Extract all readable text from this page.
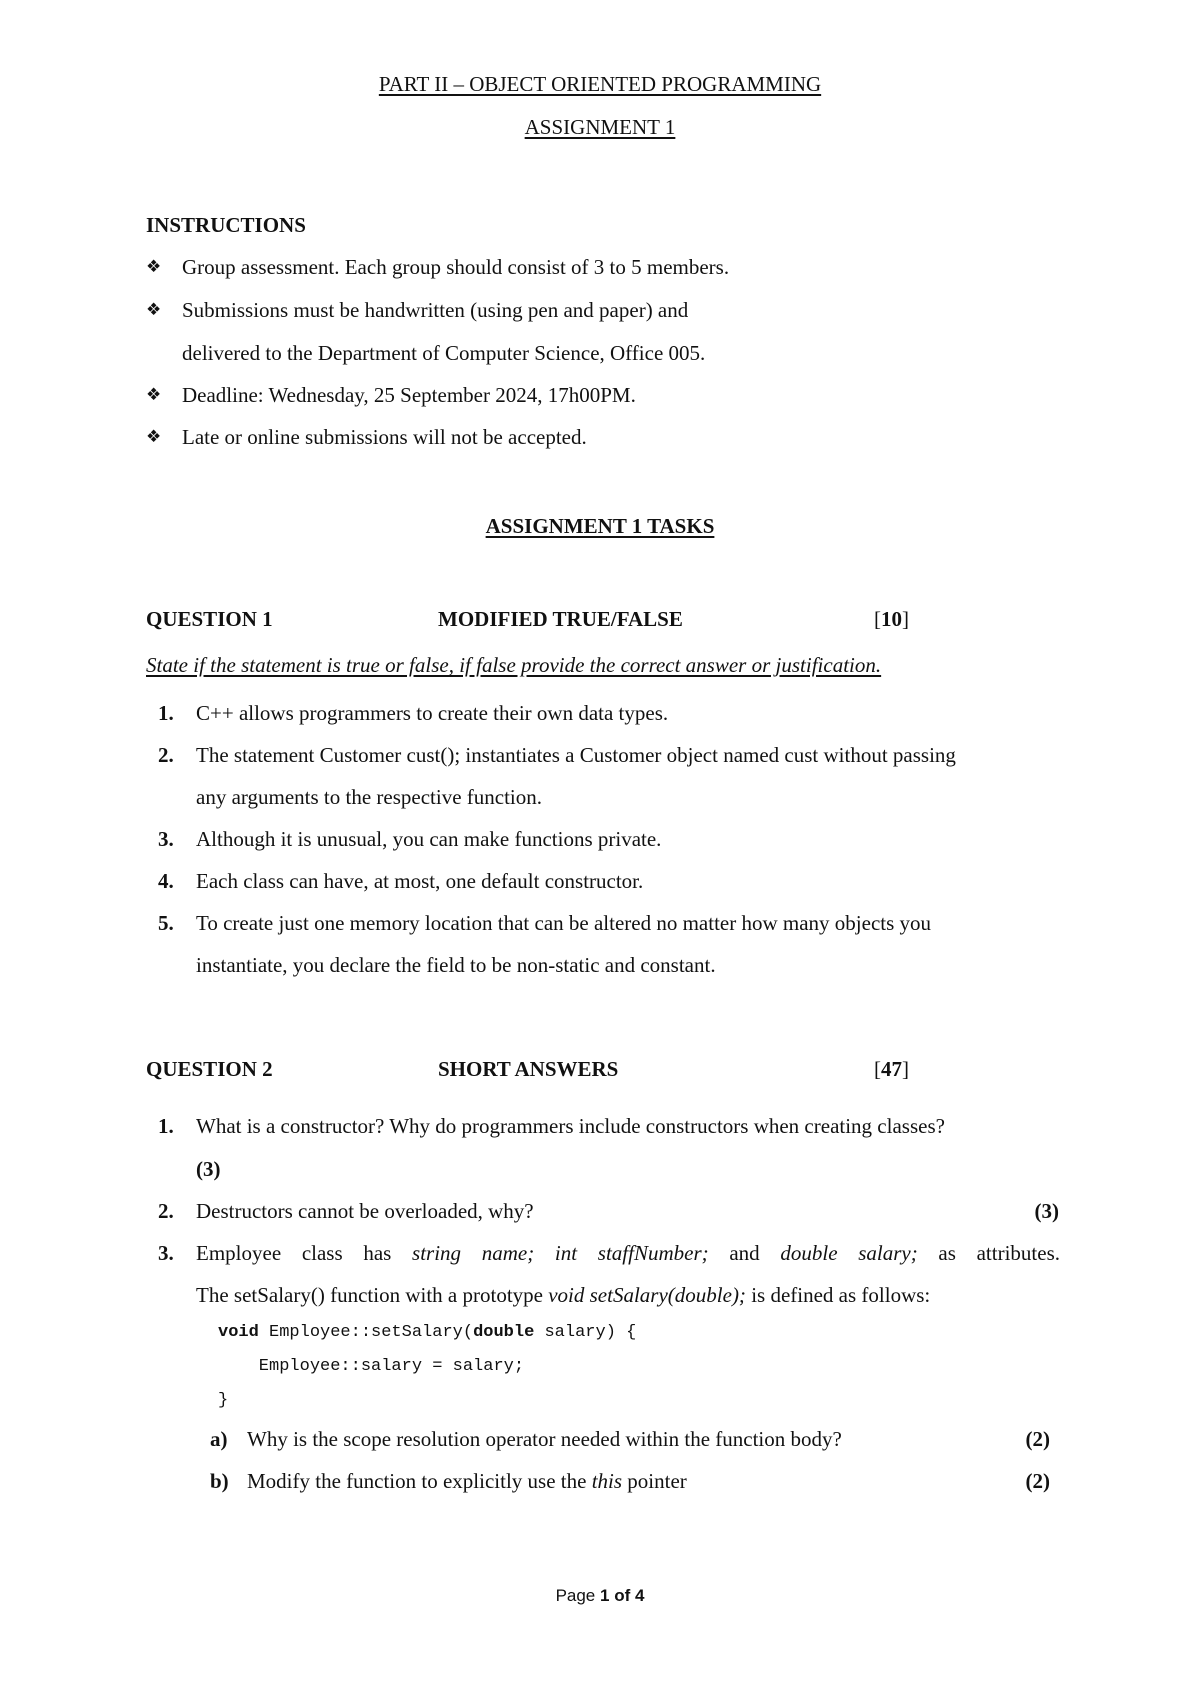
PART II – OBJECT ORIENTED PROGRAMMING
ASSIGNMENT 1
INSTRUCTIONS
❖ Group assessment. Each group should consist of 3 to 5 members.
❖ Submissions must be handwritten (using pen and paper) and
delivered to the Department of Computer Science, Office 005.
❖ Deadline: Wednesday, 25 September 2024, 17h00PM.
❖ Late or online submissions will not be accepted.
ASSIGNMENT 1 TASKS
QUESTION 1	MODIFIED TRUE/FALSE	[10]
State if the statement is true or false, if false provide the correct answer or justification.
1. C++ allows programmers to create their own data types.
2. The statement Customer cust(); instantiates a Customer object named cust without passing
any arguments to the respective function.
3. Although it is unusual, you can make functions private.
4. Each class can have, at most, one default constructor.
5. To create just one memory location that can be altered no matter how many objects you
instantiate, you declare the field to be non-static and constant.
QUESTION 2	SHORT ANSWERS	[47]
1. What is a constructor? Why do programmers include constructors when creating classes?
(3)
2. Destructors cannot be overloaded, why?	(3)
3. Employee class has string name; int staffNumber; and double salary; as attributes.
The setSalary() function with a prototype void setSalary(double); is defined as follows:
void Employee::setSalary(double salary) {
Employee::salary = salary;
}
a) Why is the scope resolution operator needed within the function body?	(2)
b) Modify the function to explicitly use the this pointer	(2)
Page 1 of 4
